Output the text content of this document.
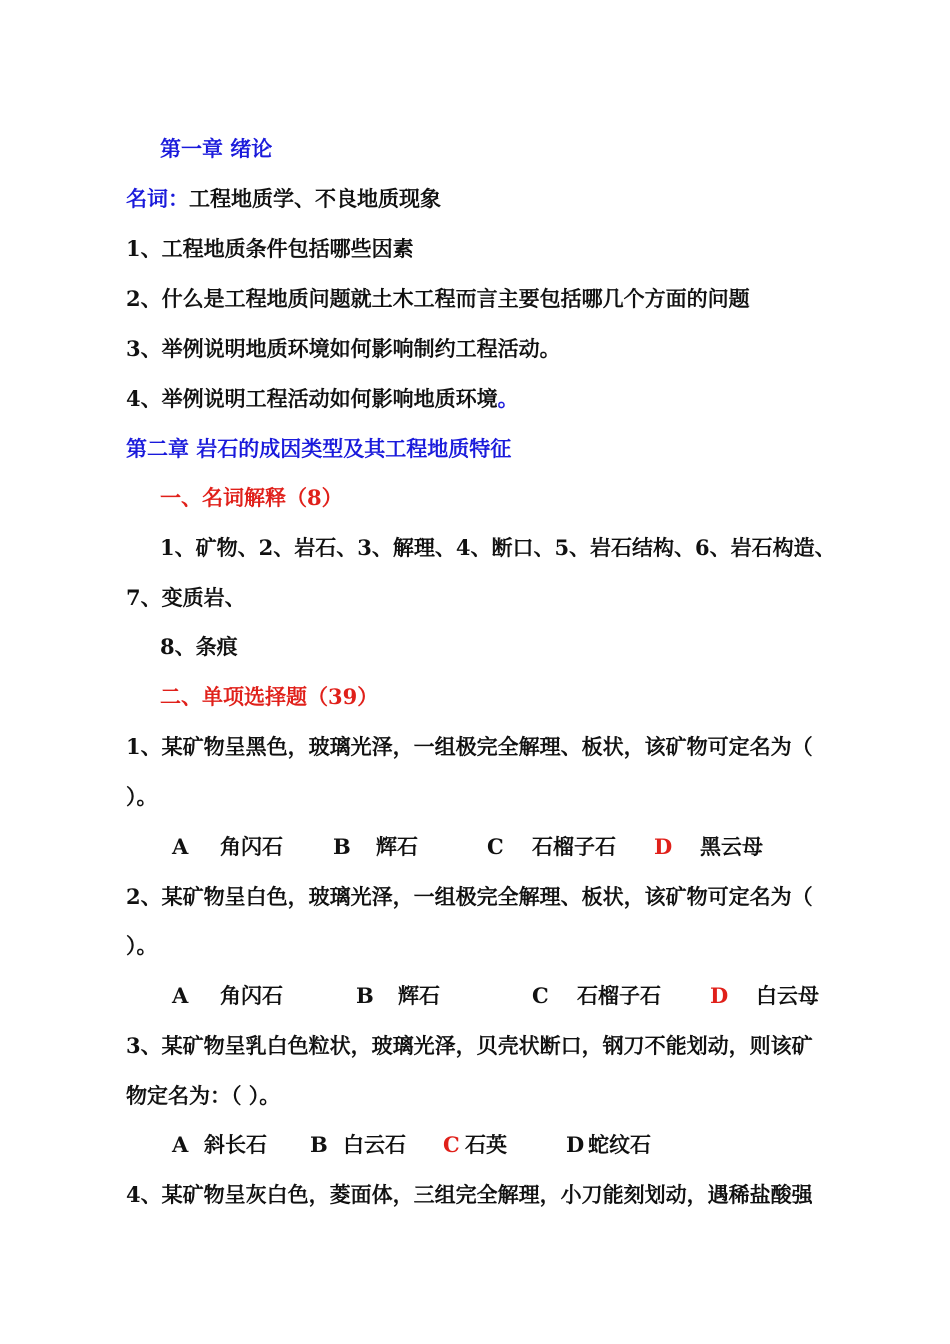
第一章 绪论
名词：工程地质学、不良地质现象
1、工程地质条件包括哪些因素
2、什么是工程地质问题就土木工程而言主要包括哪几个方面的问题
3、举例说明地质环境如何影响制约工程活动。
4、举例说明工程活动如何影响地质环境。
第二章 岩石的成因类型及其工程地质特征
一、名词解释（8）
1、矿物、2、岩石、3、解理、4、断口、5、岩石结构、6、岩石构造、
7、变质岩、
8、条痕
二、单项选择题（39）
1、某矿物呈黑色，玻璃光泽，一组极完全解理、板状，该矿物可定名为（
）。
A 角闪石 B 辉石	C 石榴子石 D 黑云母
2、某矿物呈白色，玻璃光泽，一组极完全解理、板状，该矿物可定名为（
）。
A 角闪石	B 辉石	C 石榴子石 D 白云母
3、某矿物呈乳白色粒状，玻璃光泽，贝壳状断口，钢刀不能划动，则该矿
物定名为：（ ）。
A 斜长石 B 白云石 C 石英	D 蛇纹石
4、某矿物呈灰白色，菱面体，三组完全解理，小刀能刻划动，遇稀盐酸强
